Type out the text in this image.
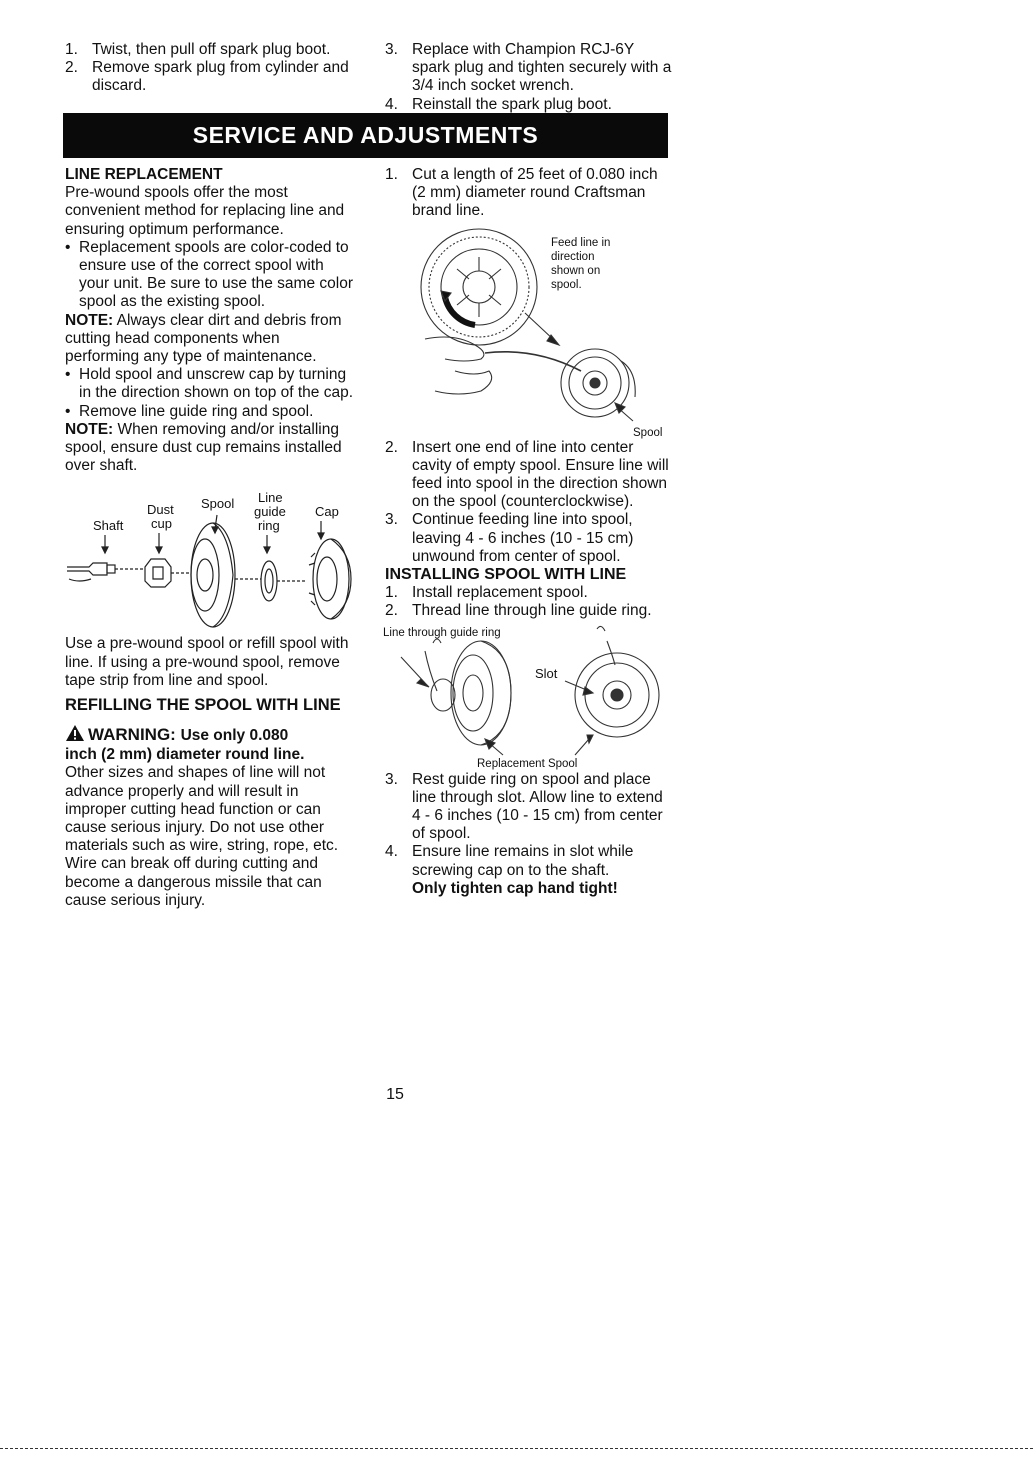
1. Twist, then pull off spark plug boot.
2. Remove spark plug from cylinder and discard.
3. Replace with Champion RCJ-6Y spark plug and tighten securely with a 3/4 inch socket wrench.
4. Reinstall the spark plug boot.
SERVICE AND ADJUSTMENTS
LINE REPLACEMENT
Pre-wound spools offer the most convenient method for replacing line and ensuring optimum performance.
• Replacement spools are color-coded to ensure use of the correct spool with your unit. Be sure to use the same color spool as the existing spool.
NOTE: Always clear dirt and debris from cutting head components when performing any type of maintenance.
• Hold spool and unscrew cap by turning in the direction shown on top of the cap.
• Remove line guide ring and spool.
NOTE: When removing and/or installing spool, ensure dust cup remains installed over shaft.
Shaft
Dust
cup
Spool Line
guide
ring
Cap
Use a pre-wound spool or refill spool with line. If using a pre-wound spool, remove tape strip from line and spool.
REFILLING THE SPOOL WITH LINE
WARNING: Use only 0.080
inch (2 mm) diameter round line.
Other sizes and shapes of line will not advance properly and will result in improper cutting head function or can cause serious injury. Do not use other materials such as wire, string, rope, etc. Wire can break off during cutting and become a dangerous missile that can cause serious injury.
1. Cut a length of 25 feet of 0.080 inch (2 mm) diameter round Craftsman brand line.
Feed line in
direction
shown on
spool.
Spool
2. Insert one end of line into center cavity of empty spool. Ensure line will feed into spool in the direction shown on the spool (counterclockwise).
3. Continue feeding line into spool, leaving 4 - 6 inches (10 - 15 cm) unwound from center of spool.
INSTALLING SPOOL WITH LINE
1. Install replacement spool.
2. Thread line through line guide ring.
Line through guide ring
Slot
Replacement Spool
3. Rest guide ring on spool and place line through slot. Allow line to extend 4 - 6 inches (10 - 15 cm) from center of spool.
4. Ensure line remains in slot while screwing cap on to the shaft.
Only tighten cap hand tight!
15
